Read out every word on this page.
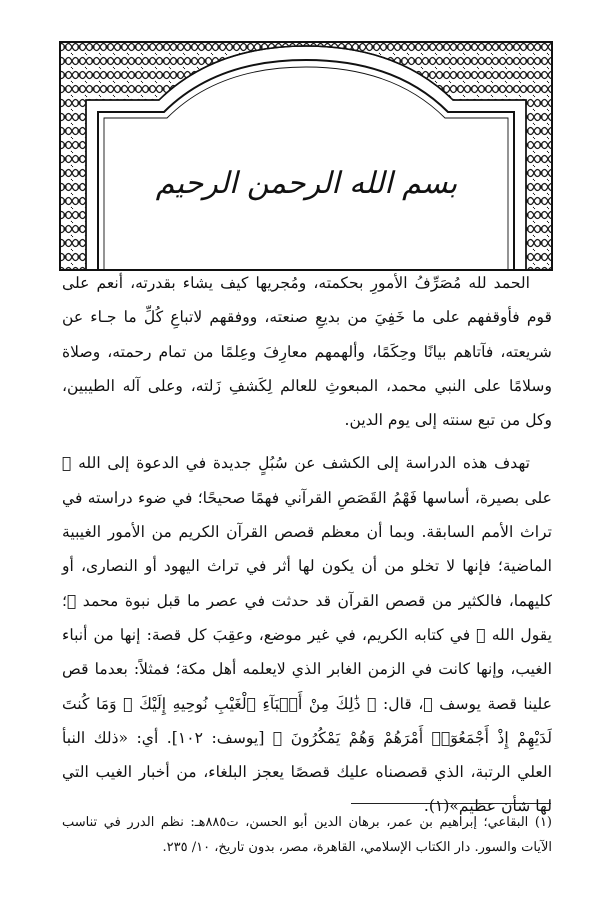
بسم الله الرحمن الرحيم

الحمد لله مُصَرِّفُ الأمورِ بحكمته، ومُجريها كيف يشاء بقدرته، أنعم على قوم فأوقفهم على ما خَفِيَ من بديعِ صنعته، ووفقهم لاتباعِ كُلِّ ما جـاء عن شريعته، فآتاهم بيانًا وحِكَمًا، وألهمهم معارِفَ وعِلمًا من تمام رحمته، وصلاة وسلامًا على النبي محمد، المبعوثِ للعالم لِكَشفِ زَلته، وعلى آله الطيبين، وكل من تبع سنته إلى يوم الدين.

تهدف هذه الدراسة إلى الكشف عن سُبُلٍ جديدة في الدعوة إلى الله ﷺ على بصيرة، أساسها فَهْمُ القَصَصِ القرآني فهمًا صحيحًا؛ في ضوء دراسته في تراث الأمم السابقة. وبما أن معظم قصص القرآن الكريم من الأمور الغيبية الماضية؛ فإنها لا تخلو من أن يكون لها أثر في تراث اليهود أو النصارى، أو كليهما، فالكثير من قصص القرآن قد حدثت في عصر ما قبل نبوة محمد ﷺ؛ يقول الله ﷻ في كتابه الكريم، في غير موضع، وعقِبَ كل قصة: إنها من أنباء الغيب، وإنها كانت في الزمن الغابر الذي لايعلمه أهل مكة؛ فمثلاً: بعدما قص علينا قصة يوسف ﷺ، قال: ﴿ ذَٰلِكَ مِنْ أَنۢبَآءِ ٱلْغَيْبِ نُوحِيهِ إِلَيْكَ ۖ وَمَا كُنتَ لَدَيْهِمْ إِذْ أَجْمَعُوٓا۟ أَمْرَهُمْ وَهُمْ يَمْكُرُونَ ﴾ [يوسف: ١٠٢]. أي: «ذلك النبأ العلي الرتبة، الذي قصصناه عليك قصصًا يعجز البلغاء، من أخبار الغيب التي لها شأن عظيم»(١).

(١) البقاعي؛ إبراهيم بن عمر، برهان الدين أبو الحسن، ت٨٨٥هـ: نظم الدرر في تناسب الآيات والسور. دار الكتاب الإسلامي، القاهرة، مصر، بدون تاريخ، ١٠/ ٢٣٥.
